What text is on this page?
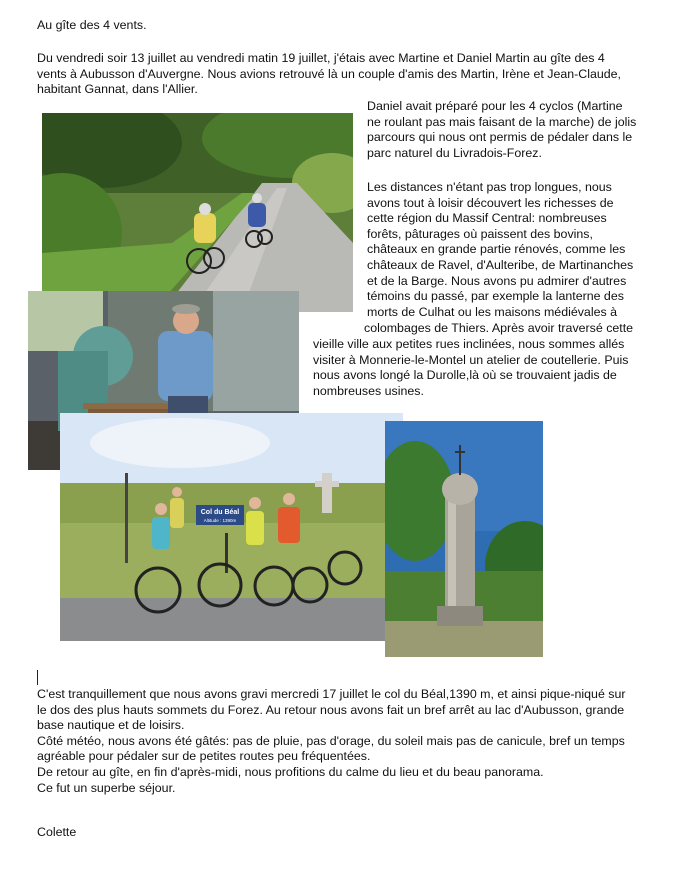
Au gîte des 4 vents.

Du vendredi soir 13 juillet au vendredi matin 19 juillet, j'étais avec Martine et Daniel Martin au gîte des 4
vents à Aubusson d'Auvergne. Nous avions retrouvé là un couple d'amis des Martin, Irène et Jean-Claude,
habitant Gannat, dans l'Allier.
Daniel avait préparé pour les 4 cyclos (Martine
ne roulant pas mais faisant de la marche) de jolis
parcours qui nous ont permis de pédaler dans le
parc naturel du Livradois-Forez.

Les distances n'étant pas trop longues, nous
avons tout à loisir découvert les richesses de
cette région du Massif Central: nombreuses
forêts, pâturages où paissent des bovins,
châteaux en grande partie rénovés, comme les
châteaux de Ravel, d'Aulteribe, de Martinanches
et de la Barge. Nous avons pu admirer d'autres
témoins du passé, par exemple la lanterne des
morts de Culhat ou les maisons médiévales à

colombages de Thiers. Après avoir traversé cette

vieille ville aux petites rues inclinées, nous sommes allés

visiter à Monnerie-le-Montel un atelier de coutellerie. Puis

nous avons longé la Durolle,là où se trouvaient jadis de

nombreuses usines.

Col du Béal
Altitude : 1390m
C'est tranquillement que nous avons gravi mercredi 17 juillet le col du Béal,1390 m, et ainsi pique-niqué sur
le dos des plus hauts sommets du Forez. Au retour nous avons fait un bref arrêt au lac d'Aubusson, grande
base nautique et de loisirs.
Côté météo, nous avons été gâtés: pas de pluie, pas d'orage, du soleil mais pas de canicule, bref un temps
agréable pour pédaler sur de petites routes peu fréquentées.
De retour au gîte, en fin d'après-midi, nous profitions du calme du lieu et du beau panorama.
Ce fut un superbe séjour.

Colette
